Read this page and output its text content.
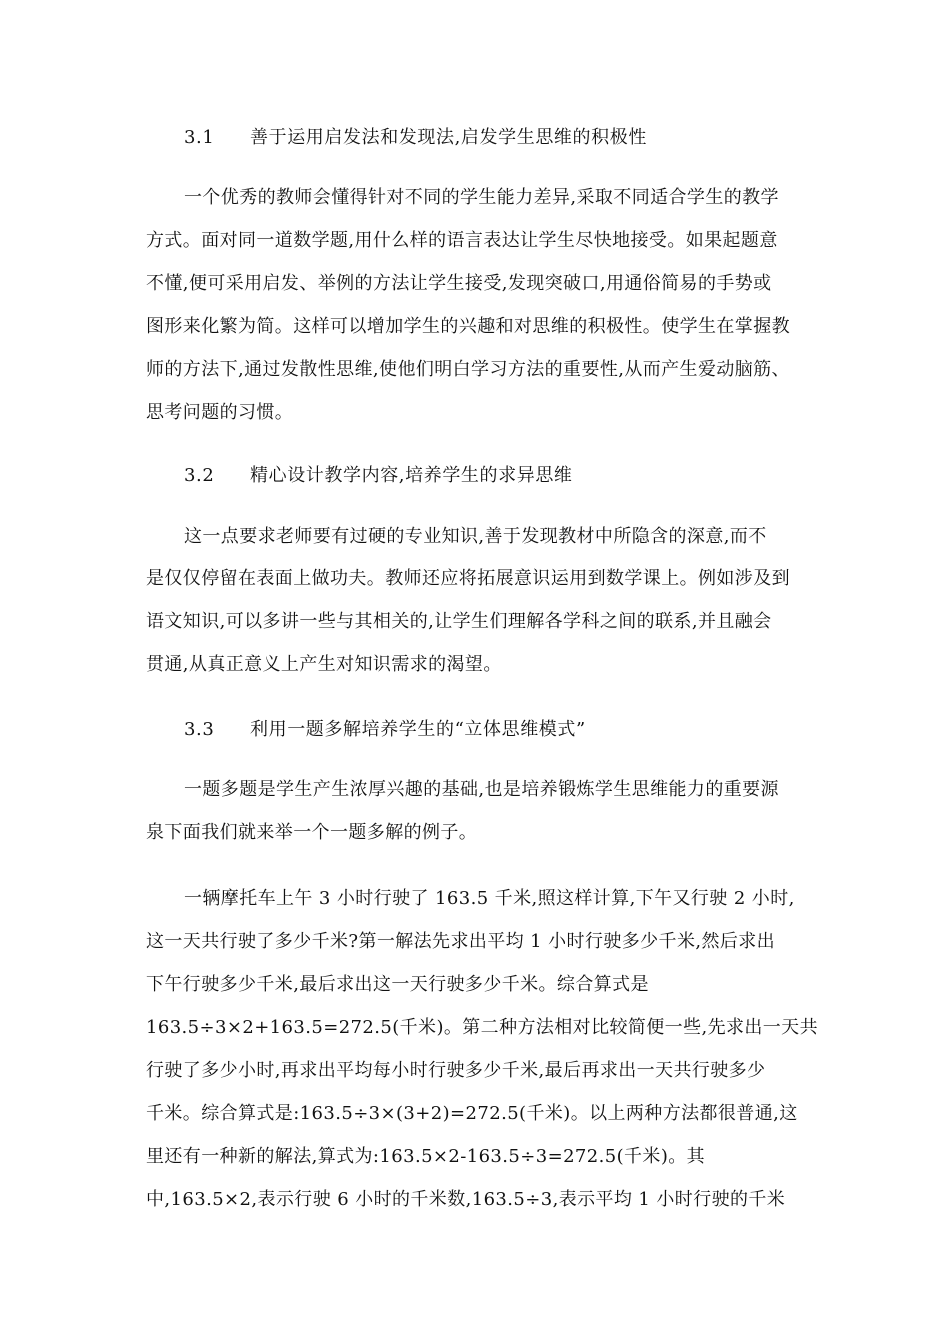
3.1 善于运用启发法和发现法,启发学生思维的积极性
一个优秀的教师会懂得针对不同的学生能力差异,采取不同适合学生的教学
方式。面对同一道数学题,用什么样的语言表达让学生尽快地接受。如果起题意
不懂,便可采用启发、举例的方法让学生接受,发现突破口,用通俗简易的手势或
图形来化繁为简。这样可以增加学生的兴趣和对思维的积极性。使学生在掌握教
师的方法下,通过发散性思维,使他们明白学习方法的重要性,从而产生爱动脑筋、
思考问题的习惯。
3.2 精心设计教学内容,培养学生的求异思维
这一点要求老师要有过硬的专业知识,善于发现教材中所隐含的深意,而不
是仅仅停留在表面上做功夫。教师还应将拓展意识运用到数学课上。例如涉及到
语文知识,可以多讲一些与其相关的,让学生们理解各学科之间的联系,并且融会
贯通,从真正意义上产生对知识需求的渴望。
3.3 利用一题多解培养学生的“立体思维模式”
一题多题是学生产生浓厚兴趣的基础,也是培养锻炼学生思维能力的重要源
泉下面我们就来举一个一题多解的例子。
一辆摩托车上午 3 小时行驶了 163.5 千米,照这样计算,下午又行驶 2 小时,
这一天共行驶了多少千米?第一解法先求出平均 1 小时行驶多少千米,然后求出
下午行驶多少千米,最后求出这一天行驶多少千米。综合算式是
163.5÷3×2+163.5=272.5(千米)。第二种方法相对比较简便一些,先求出一天共
行驶了多少小时,再求出平均每小时行驶多少千米,最后再求出一天共行驶多少
千米。综合算式是:163.5÷3×(3+2)=272.5(千米)。以上两种方法都很普通,这
里还有一种新的解法,算式为:163.5×2-163.5÷3=272.5(千米)。其
中,163.5×2,表示行驶 6 小时的千米数,163.5÷3,表示平均 1 小时行驶的千米
